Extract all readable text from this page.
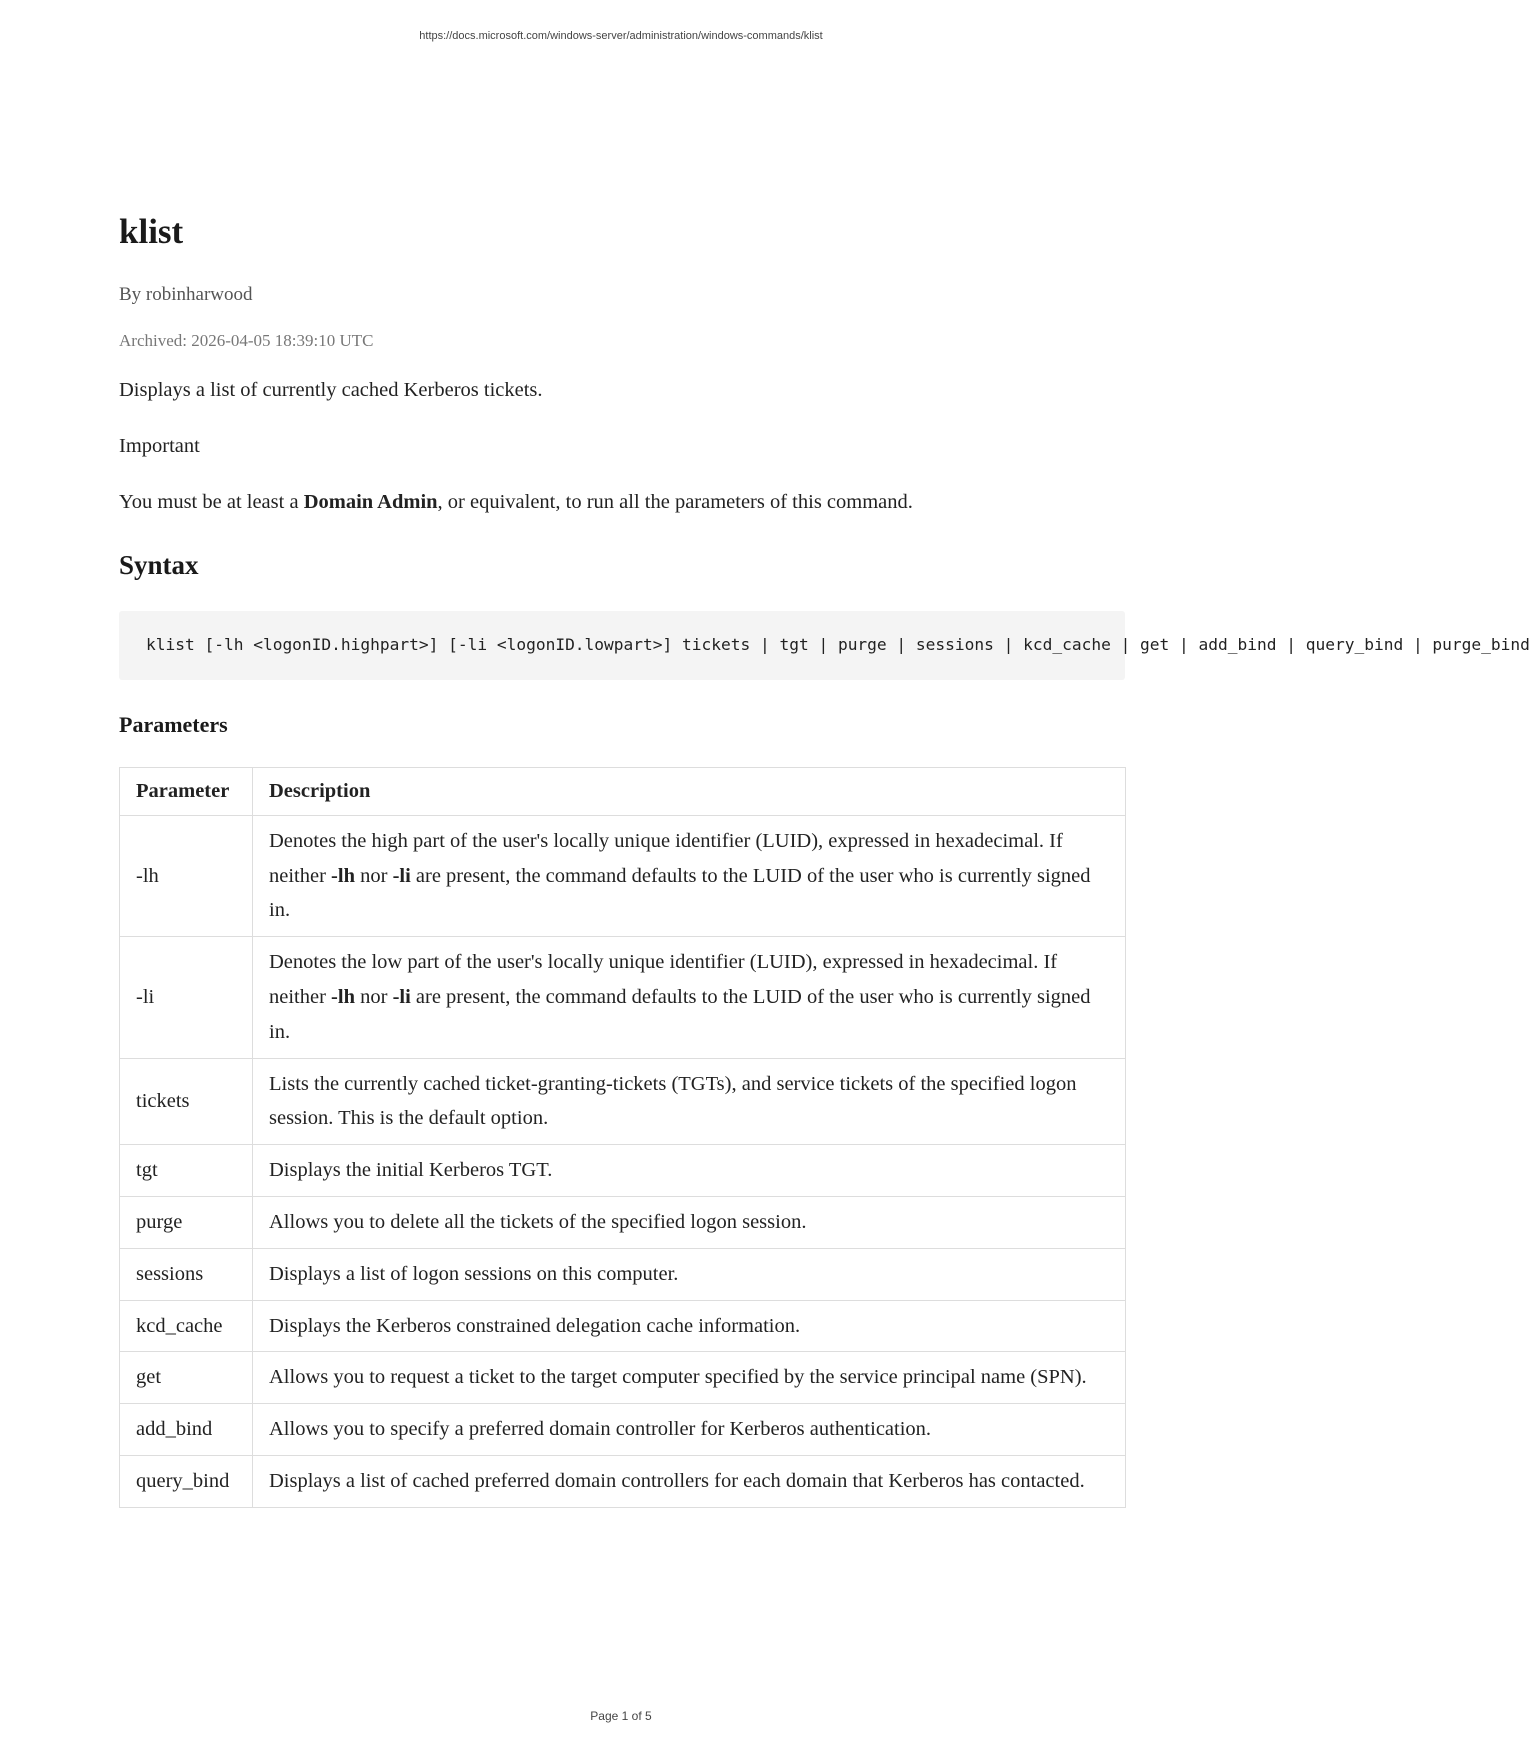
https://docs.microsoft.com/windows-server/administration/windows-commands/klist
klist
By robinharwood
Archived: 2026-04-05 18:39:10 UTC
Displays a list of currently cached Kerberos tickets.
Important
You must be at least a Domain Admin, or equivalent, to run all the parameters of this command.
Syntax
klist [-lh <logonID.highpart>] [-li <logonID.lowpart>] tickets | tgt | purge | sessions | kcd_cache | get | add_bind | query_bind | purge_bind
Parameters
Parameter	Description
-lh	Denotes the high part of the user's locally unique identifier (LUID), expressed in hexadecimal. If neither -lh nor -li are present, the command defaults to the LUID of the user who is currently signed in.
-li	Denotes the low part of the user's locally unique identifier (LUID), expressed in hexadecimal. If neither -lh nor -li are present, the command defaults to the LUID of the user who is currently signed in.
tickets	Lists the currently cached ticket-granting-tickets (TGTs), and service tickets of the specified logon session. This is the default option.
tgt	Displays the initial Kerberos TGT.
purge	Allows you to delete all the tickets of the specified logon session.
sessions	Displays a list of logon sessions on this computer.
kcd_cache	Displays the Kerberos constrained delegation cache information.
get	Allows you to request a ticket to the target computer specified by the service principal name (SPN).
add_bind	Allows you to specify a preferred domain controller for Kerberos authentication.
query_bind	Displays a list of cached preferred domain controllers for each domain that Kerberos has contacted.
Page 1 of 5
